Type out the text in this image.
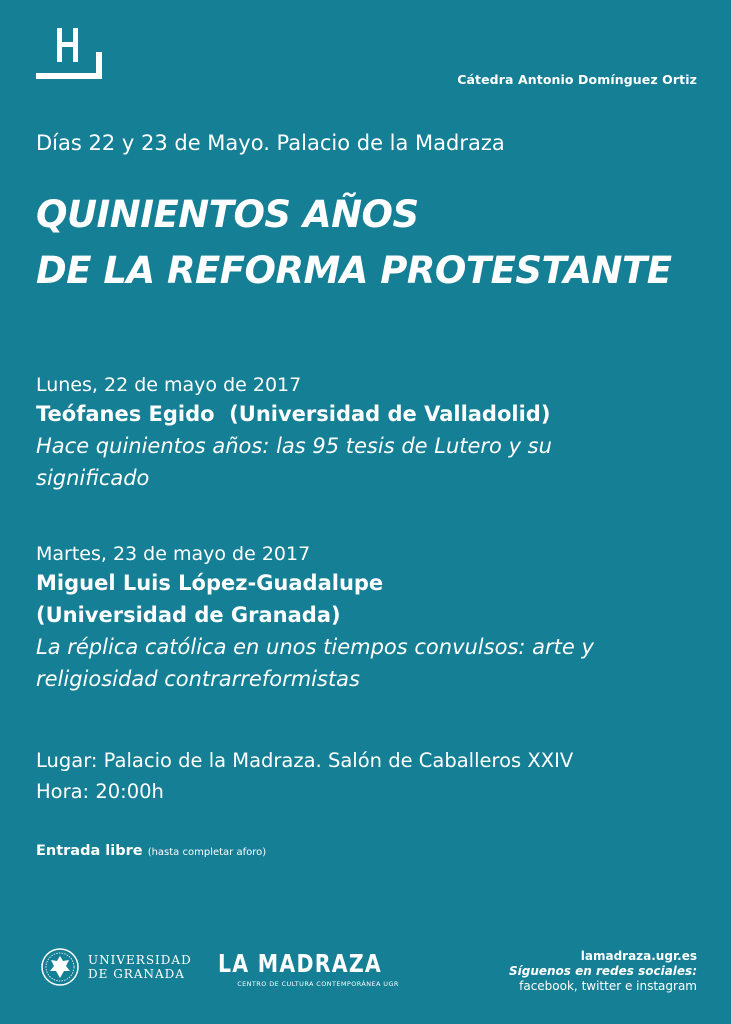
Cátedra Antonio Domínguez Ortiz
Días 22 y 23 de Mayo. Palacio de la Madraza
QUINIENTOS AÑOS
DE LA REFORMA PROTESTANTE
Lunes, 22 de mayo de 2017
Teófanes Egido  (Universidad de Valladolid)
Hace quinientos años: las 95 tesis de Lutero y su
significado
Martes, 23 de mayo de 2017
Miguel Luis López-Guadalupe
(Universidad de Granada)
La réplica católica en unos tiempos convulsos: arte y
religiosidad contrarreformistas
Lugar: Palacio de la Madraza. Salón de Caballeros XXIV
Hora: 20:00h
Entrada libre (hasta completar aforo)
UNIVERSIDAD
DE GRANADA LA MADRAZA
CENTRO DE CULTURA CONTEMPORÁNEA UGR
lamadraza.ugr.es
Síguenos en redes sociales:
facebook, twitter e instagram
